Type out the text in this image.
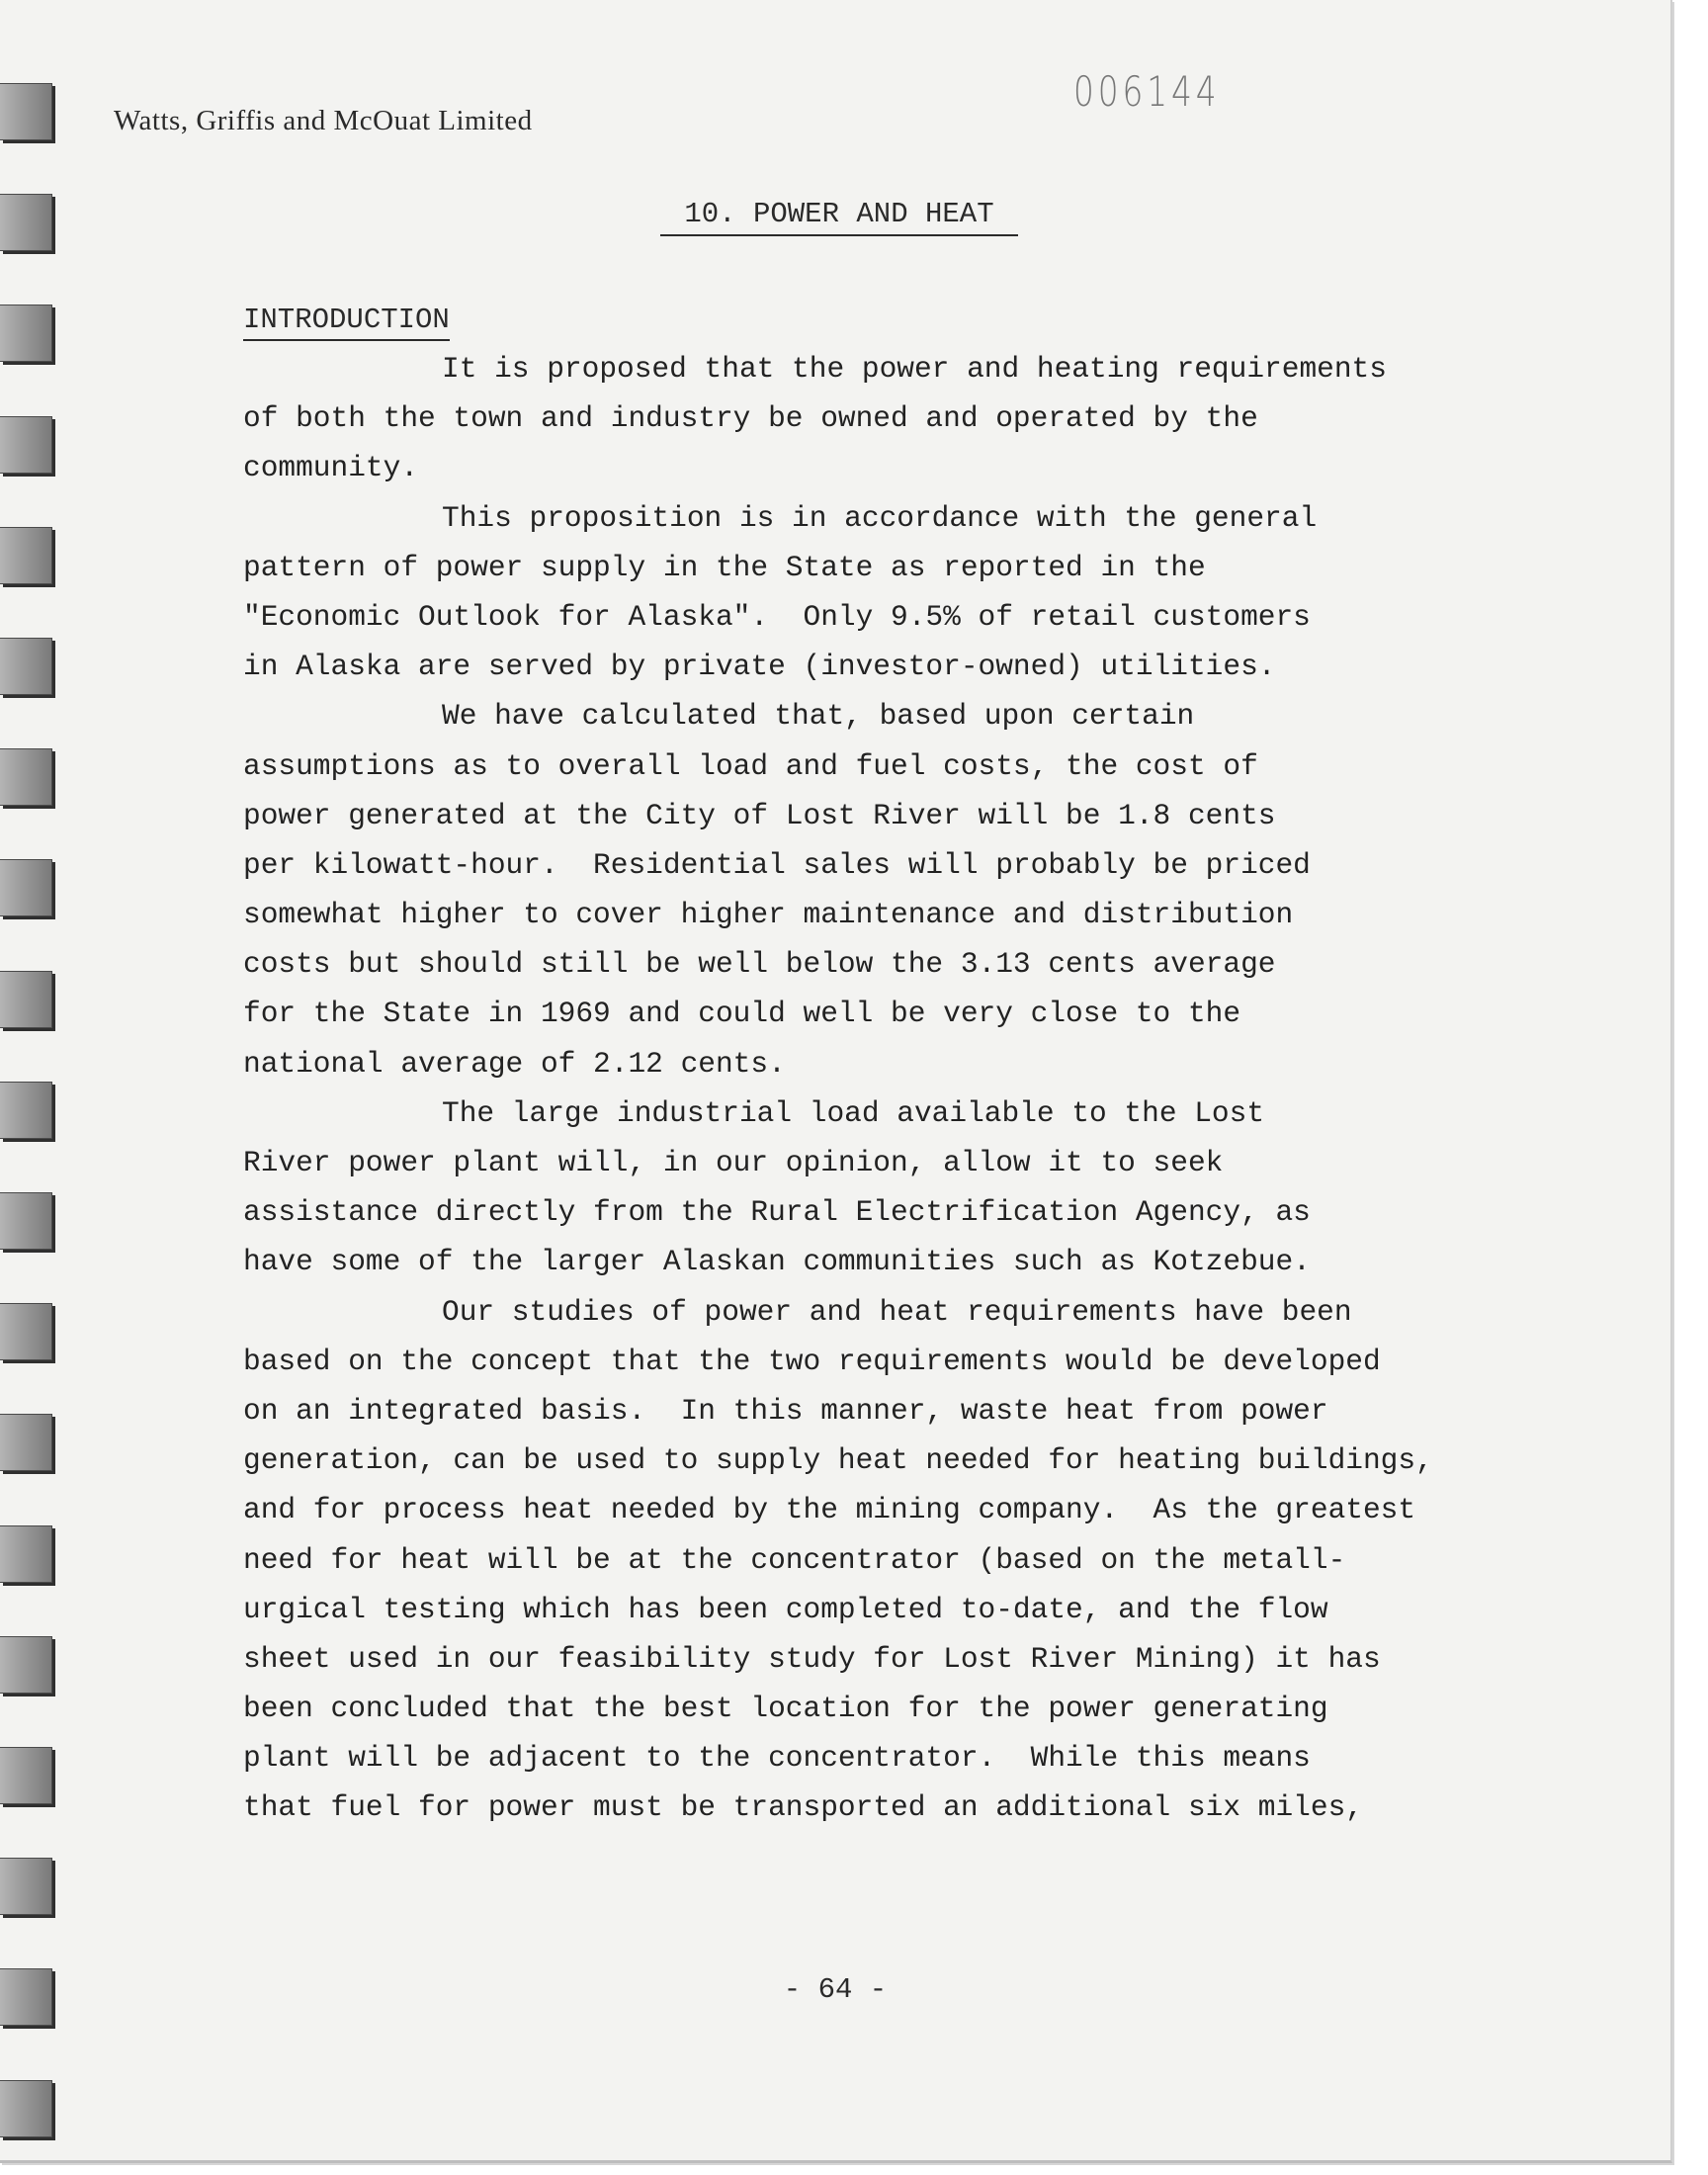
Watts, Griffis and McOuat Limited
006144
10. POWER AND HEAT
INTRODUCTION
It is proposed that the power and heating requirements
of both the town and industry be owned and operated by the
community.
This proposition is in accordance with the general
pattern of power supply in the State as reported in the
"Economic Outlook for Alaska".  Only 9.5% of retail customers
in Alaska are served by private (investor-owned) utilities.
We have calculated that, based upon certain
assumptions as to overall load and fuel costs, the cost of
power generated at the City of Lost River will be 1.8 cents
per kilowatt-hour.  Residential sales will probably be priced
somewhat higher to cover higher maintenance and distribution
costs but should still be well below the 3.13 cents average
for the State in 1969 and could well be very close to the
national average of 2.12 cents.
The large industrial load available to the Lost
River power plant will, in our opinion, allow it to seek
assistance directly from the Rural Electrification Agency, as
have some of the larger Alaskan communities such as Kotzebue.
Our studies of power and heat requirements have been
based on the concept that the two requirements would be developed
on an integrated basis.  In this manner, waste heat from power
generation, can be used to supply heat needed for heating buildings,
and for process heat needed by the mining company.  As the greatest
need for heat will be at the concentrator (based on the metall-
urgical testing which has been completed to-date, and the flow
sheet used in our feasibility study for Lost River Mining) it has
been concluded that the best location for the power generating
plant will be adjacent to the concentrator.  While this means
that fuel for power must be transported an additional six miles,
- 64 -
